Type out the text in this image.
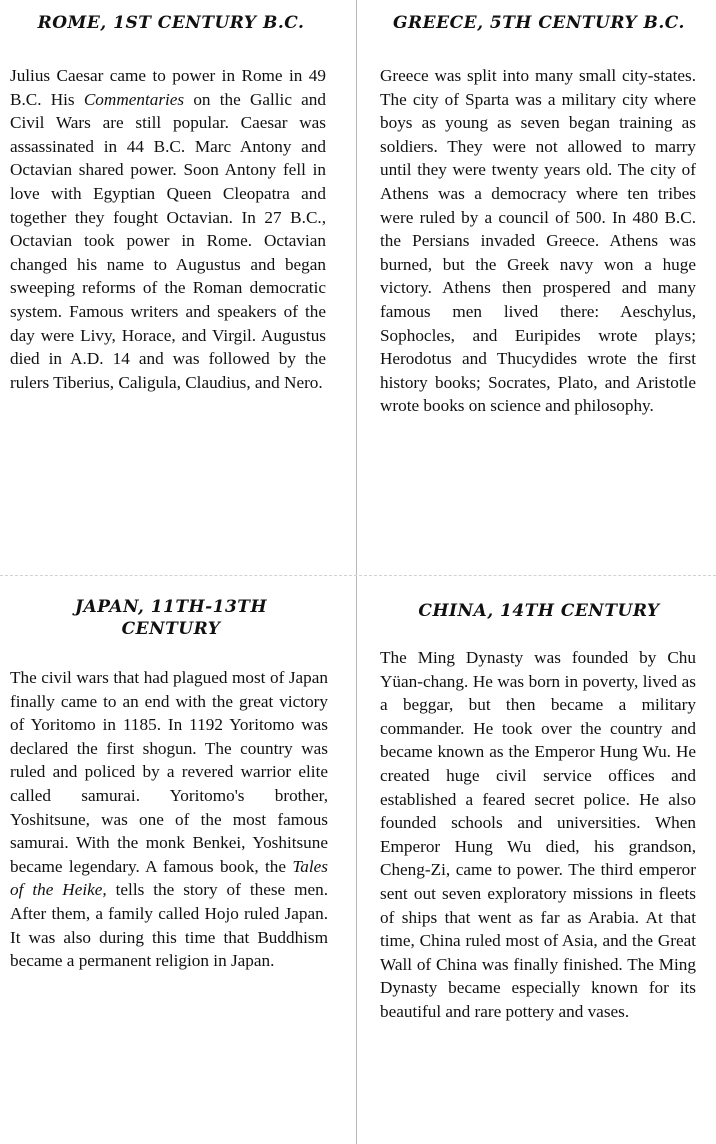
ROME, 1ST CENTURY B.C.

Julius Caesar came to power in Rome in 49 B.C. His Commentaries on the Gallic and Civil Wars are still popular. Caesar was assassinated in 44 B.C. Marc Antony and Octavian shared power. Soon Antony fell in love with Egyptian Queen Cleopatra and together they fought Octavian. In 27 B.C., Octavian took power in Rome. Octavian changed his name to Augustus and began sweeping reforms of the Roman democratic system. Famous writers and speakers of the day were Livy, Horace, and Virgil. Augustus died in A.D. 14 and was followed by the rulers Tiberius, Caligula, Claudius, and Nero.

GREECE, 5TH CENTURY B.C.

Greece was split into many small city-states. The city of Sparta was a military city where boys as young as seven began training as soldiers. They were not allowed to marry until they were twenty years old. The city of Athens was a democracy where ten tribes were ruled by a council of 500. In 480 B.C. the Persians invaded Greece. Athens was burned, but the Greek navy won a huge victory. Athens then prospered and many famous men lived there: Aeschylus, Sophocles, and Euripides wrote plays; Herodotus and Thucydides wrote the first history books; Socrates, Plato, and Aristotle wrote books on science and philosophy.

JAPAN, 11TH-13TH
CENTURY

The civil wars that had plagued most of Japan finally came to an end with the great victory of Yoritomo in 1185. In 1192 Yoritomo was declared the first shogun. The country was ruled and policed by a revered warrior elite called samurai. Yoritomo's brother, Yoshitsune, was one of the most famous samurai. With the monk Benkei, Yoshitsune became legendary. A famous book, the Tales of the Heike, tells the story of these men. After them, a family called Hojo ruled Japan. It was also during this time that Buddhism became a permanent religion in Japan.

CHINA, 14TH CENTURY

The Ming Dynasty was founded by Chu Yüan-chang. He was born in poverty, lived as a beggar, but then became a military commander. He took over the country and became known as the Emperor Hung Wu. He created huge civil service offices and established a feared secret police. He also founded schools and universities. When Emperor Hung Wu died, his grandson, Cheng-Zi, came to power. The third emperor sent out seven exploratory missions in fleets of ships that went as far as Arabia. At that time, China ruled most of Asia, and the Great Wall of China was finally finished. The Ming Dynasty became especially known for its beautiful and rare pottery and vases.
